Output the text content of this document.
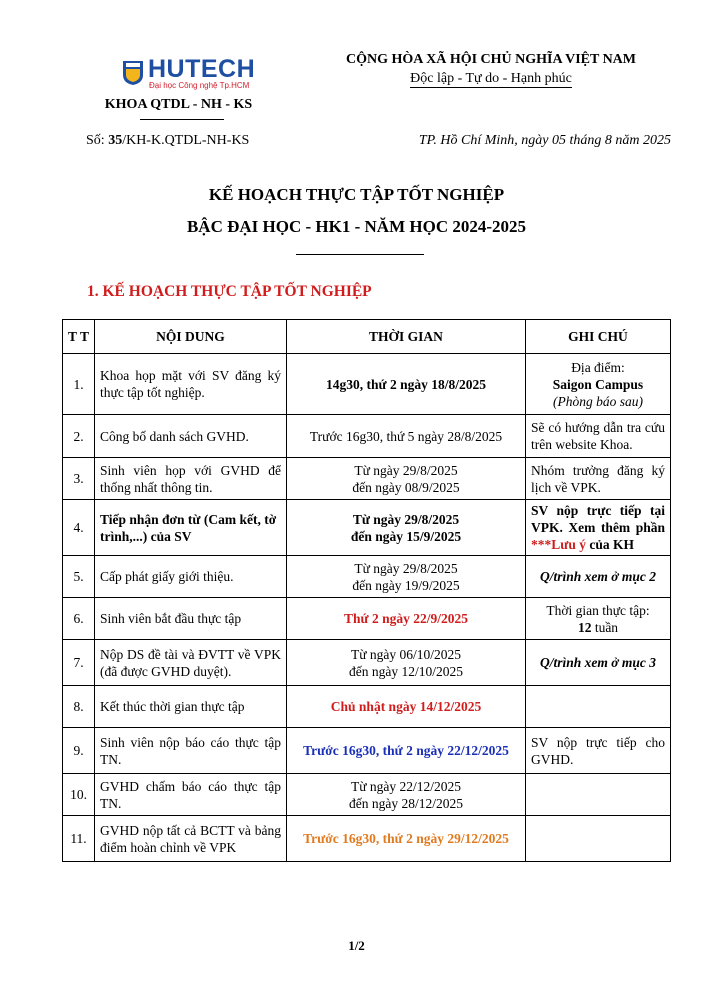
HUTECH
Đại học Công nghệ Tp.HCM
KHOA QTDL - NH - KS
Số: 35/KH-K.QTDL-NH-KS
CỘNG HÒA XÃ HỘI CHỦ NGHĨA VIỆT NAM
Độc lập - Tự do - Hạnh phúc
TP. Hồ Chí Minh, ngày 05 tháng 8 năm 2025
KẾ HOẠCH THỰC TẬP TỐT NGHIỆP
BẬC ĐẠI HỌC - HK1 - NĂM HỌC 2024-2025
1. KẾ HOẠCH THỰC TẬP TỐT NGHIỆP
T T	NỘI DUNG	THỜI GIAN	GHI CHÚ
1.	Khoa họp mặt với SV đăng ký thực tập tốt nghiệp.	14g30, thứ 2 ngày 18/8/2025	Địa điểm:
Saigon Campus
(Phòng báo sau)

2.	Công bố danh sách GVHD.	Trước 16g30, thứ 5 ngày 28/8/2025	Sẽ có hướng dẫn tra cứu trên website Khoa.
3.	Sinh viên họp với GVHD để thống nhất thông tin.	Từ ngày 29/8/2025
đến ngày 08/9/2025	Nhóm trưởng đăng ký lịch về VPK.
4.	Tiếp nhận đơn từ (Cam kết, tờ trình,...) của SV	Từ ngày 29/8/2025
đến ngày 15/9/2025	SV nộp trực tiếp tại VPK. Xem thêm phần ***Lưu ý của KH
5.	Cấp phát giấy giới thiệu.	Từ ngày 29/8/2025
đến ngày 19/9/2025	Q/trình xem ở mục 2
6.	Sinh viên bắt đầu thực tập	Thứ 2 ngày 22/9/2025	Thời gian thực tập:
12 tuần

7.	Nộp DS đề tài và ĐVTT về VPK (đã được GVHD duyệt).	Từ ngày 06/10/2025
đến ngày 12/10/2025	Q/trình xem ở mục 3
8.	Kết thúc thời gian thực tập	Chủ nhật ngày 14/12/2025	
9.	Sinh viên nộp báo cáo thực tập TN.	Trước 16g30, thứ 2 ngày 22/12/2025	SV nộp trực tiếp cho GVHD.
10.	GVHD chấm báo cáo thực tập TN.	Từ ngày 22/12/2025
đến ngày 28/12/2025	

11.	GVHD nộp tất cả BCTT và bảng điểm hoàn chỉnh về VPK	Trước 16g30, thứ 2 ngày 29/12/2025	
1/2
